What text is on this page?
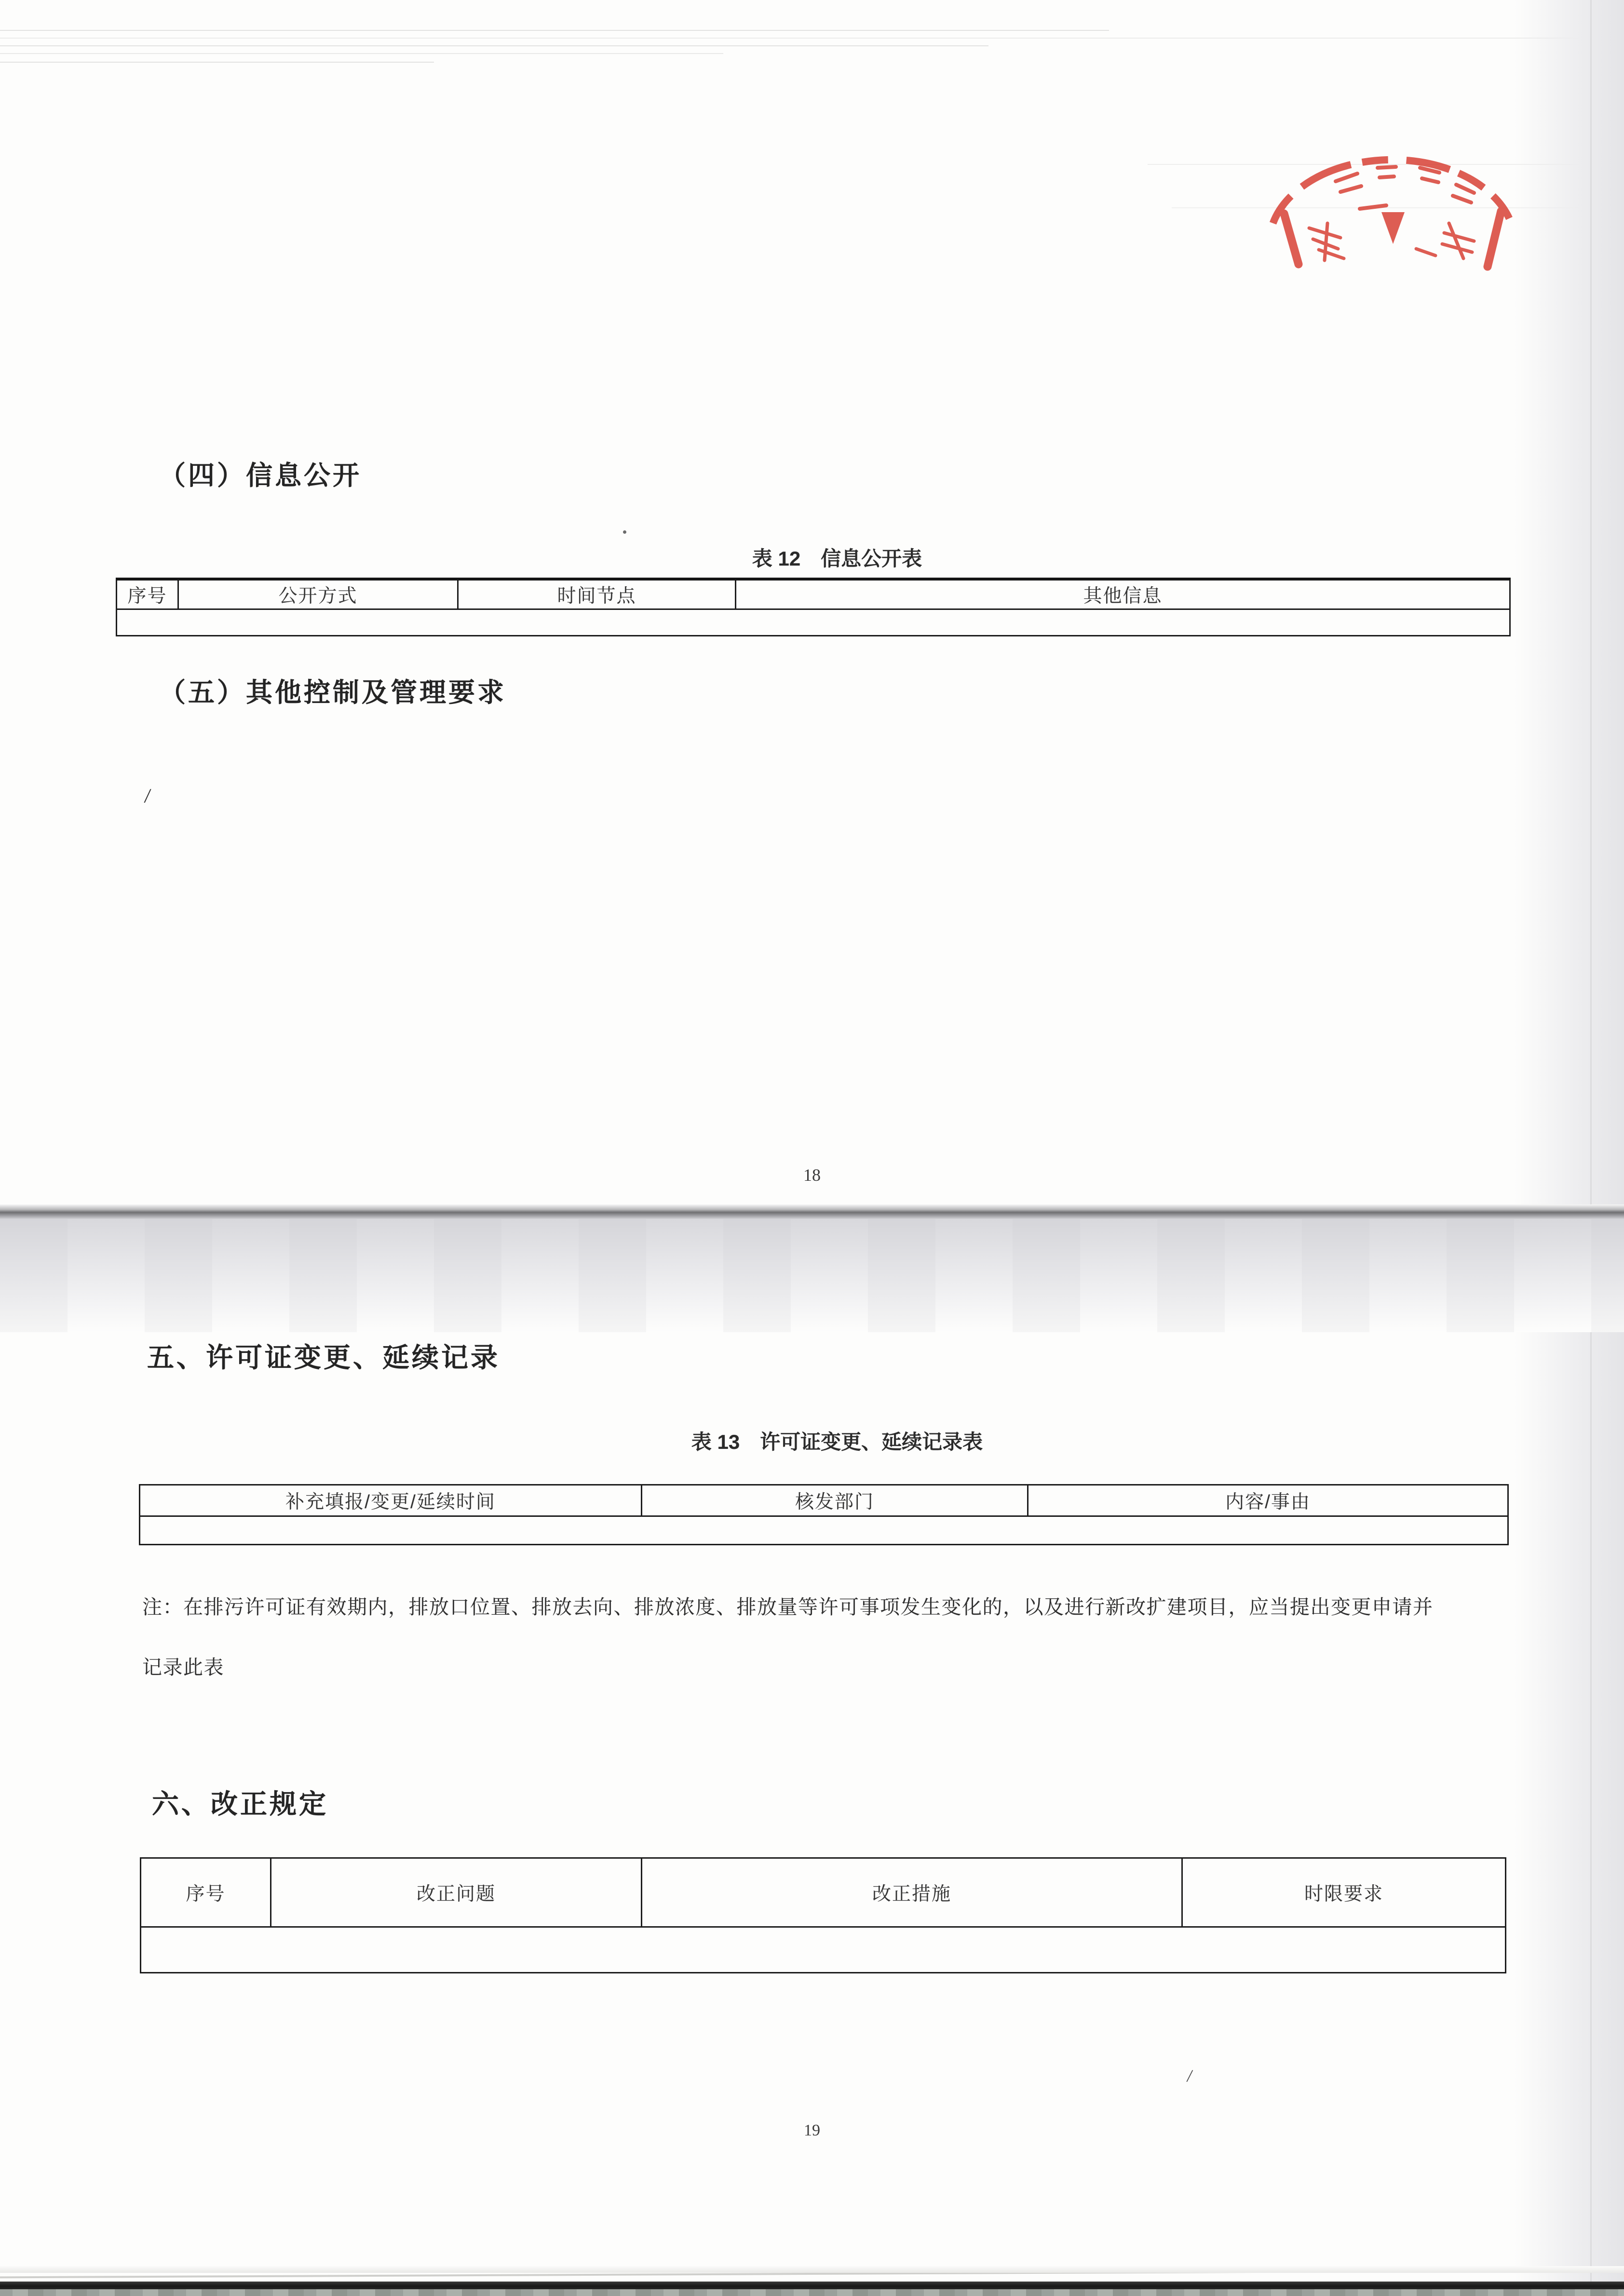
（四）信息公开
表 12　信息公开表
序号	公开方式	时间节点	其他信息

（五）其他控制及管理要求
/
18
五、许可证变更、延续记录
表 13　许可证变更、延续记录表
补充填报/变更/延续时间	核发部门	内容/事由

注：在排污许可证有效期内，排放口位置、排放去向、排放浓度、排放量等许可事项发生变化的，以及进行新改扩建项目，应当提出变更申请并
记录此表
六、改正规定
序号	改正问题	改正措施	时限要求

/
19
